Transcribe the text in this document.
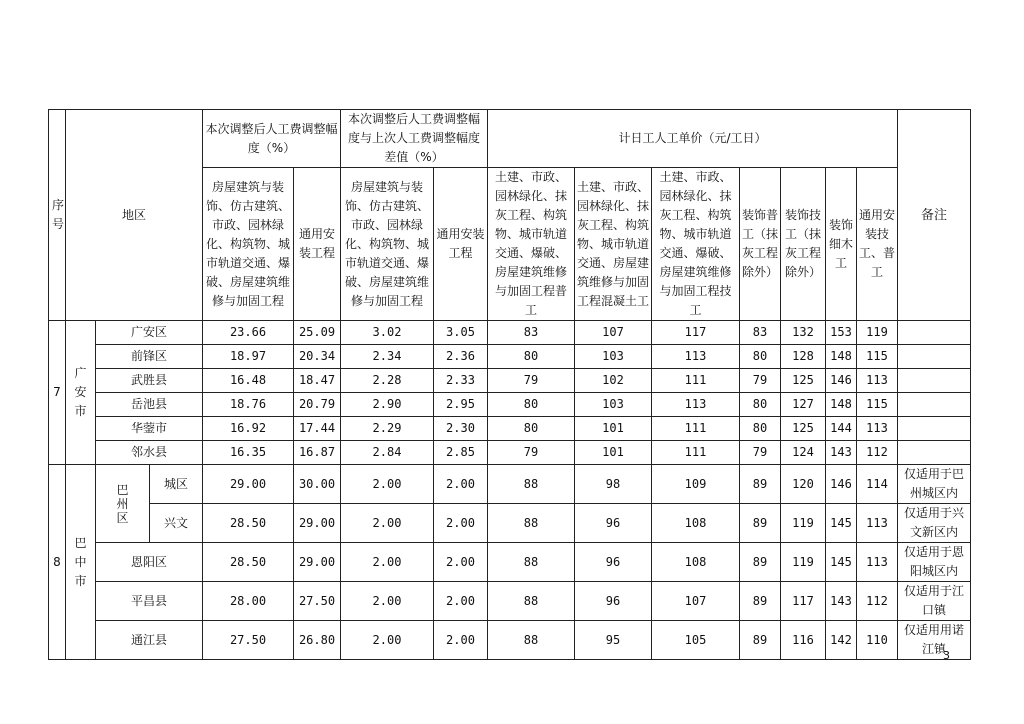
序号	地区			本次调整后人工费调整幅度（%）		本次调整后人工费调整幅度与上次人工费调整幅度差值（%）		计日工人工单价（元/工日）							备注
				房屋建筑与装饰、仿古建筑、市政、园林绿化、构筑物、城市轨道交通、爆破、房屋建筑维修与加固工程	通用安装工程	房屋建筑与装饰、仿古建筑、市政、园林绿化、构筑物、城市轨道交通、爆破、房屋建筑维修与加固工程	通用安装工程	土建、市政、园林绿化、抹灰工程、构筑物、城市轨道交通、爆破、房屋建筑维修与加固工程普工	土建、市政、园林绿化、抹灰工程、构筑物、城市轨道交通、房屋建筑维修与加固工程混凝土工	土建、市政、园林绿化、抹灰工程、构筑物、城市轨道交通、爆破、房屋建筑维修与加固工程技工	装饰普工（抹灰工程除外）	装饰技工（抹灰工程除外）	装饰细木工	通用安装技工、普工	
7	广安市	广安区		23.66	25.09	3.02	3.05	83	107	117	83	132	153	119	
		前锋区		18.97	20.34	2.34	2.36	80	103	113	80	128	148	115	
		武胜县		16.48	18.47	2.28	2.33	79	102	111	79	125	146	113	
		岳池县		18.76	20.79	2.90	2.95	80	103	113	80	127	148	115	
		华蓥市		16.92	17.44	2.29	2.30	80	101	111	80	125	144	113	
		邻水县		16.35	16.87	2.84	2.85	79	101	111	79	124	143	112	
8	巴中市	巴州区	城区	29.00	30.00	2.00	2.00	88	98	109	89	120	146	114	仅适用于巴州城区内
			兴文	28.50	29.00	2.00	2.00	88	96	108	89	119	145	113	仅适用于兴文新区内
		恩阳区		28.50	29.00	2.00	2.00	88	96	108	89	119	145	113	仅适用于恩阳城区内
		平昌县		28.00	27.50	2.00	2.00	88	96	107	89	117	143	112	仅适用于江口镇
		通江县		27.50	26.80	2.00	2.00	88	95	105	89	116	142	110	仅适用用诺江镇
3
